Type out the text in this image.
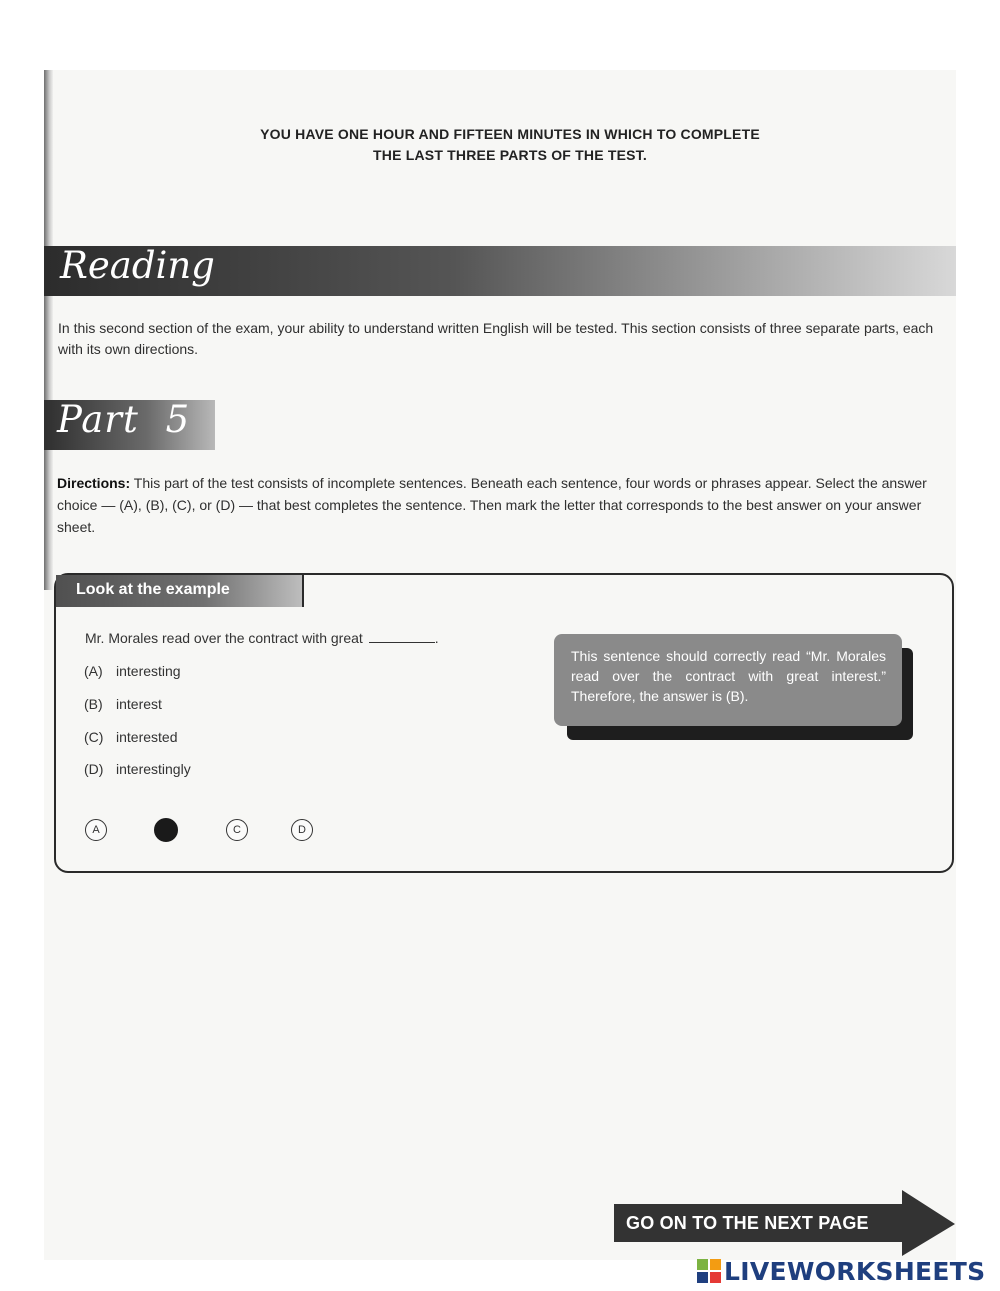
YOU HAVE ONE HOUR AND FIFTEEN MINUTES IN WHICH TO COMPLETE
THE LAST THREE PARTS OF THE TEST.
Reading
In this second section of the exam, your ability to understand written English will be tested. This section consists of three separate parts, each with its own directions.
Part 5
Directions: This part of the test consists of incomplete sentences. Beneath each sentence, four words or phrases appear. Select the answer choice — (A), (B), (C), or (D) — that best completes the sentence. Then mark the letter that corresponds to the best answer on your answer sheet.
Look at the example
Mr. Morales read over the contract with great	.
(A) interesting
(B) interest
(C) interested
(D) interestingly
This sentence should correctly read “Mr. Morales read over the contract with great interest.” Therefore, the answer is (B).
A	C	D
GO ON TO THE NEXT PAGE
LIVEWORKSHEETS
